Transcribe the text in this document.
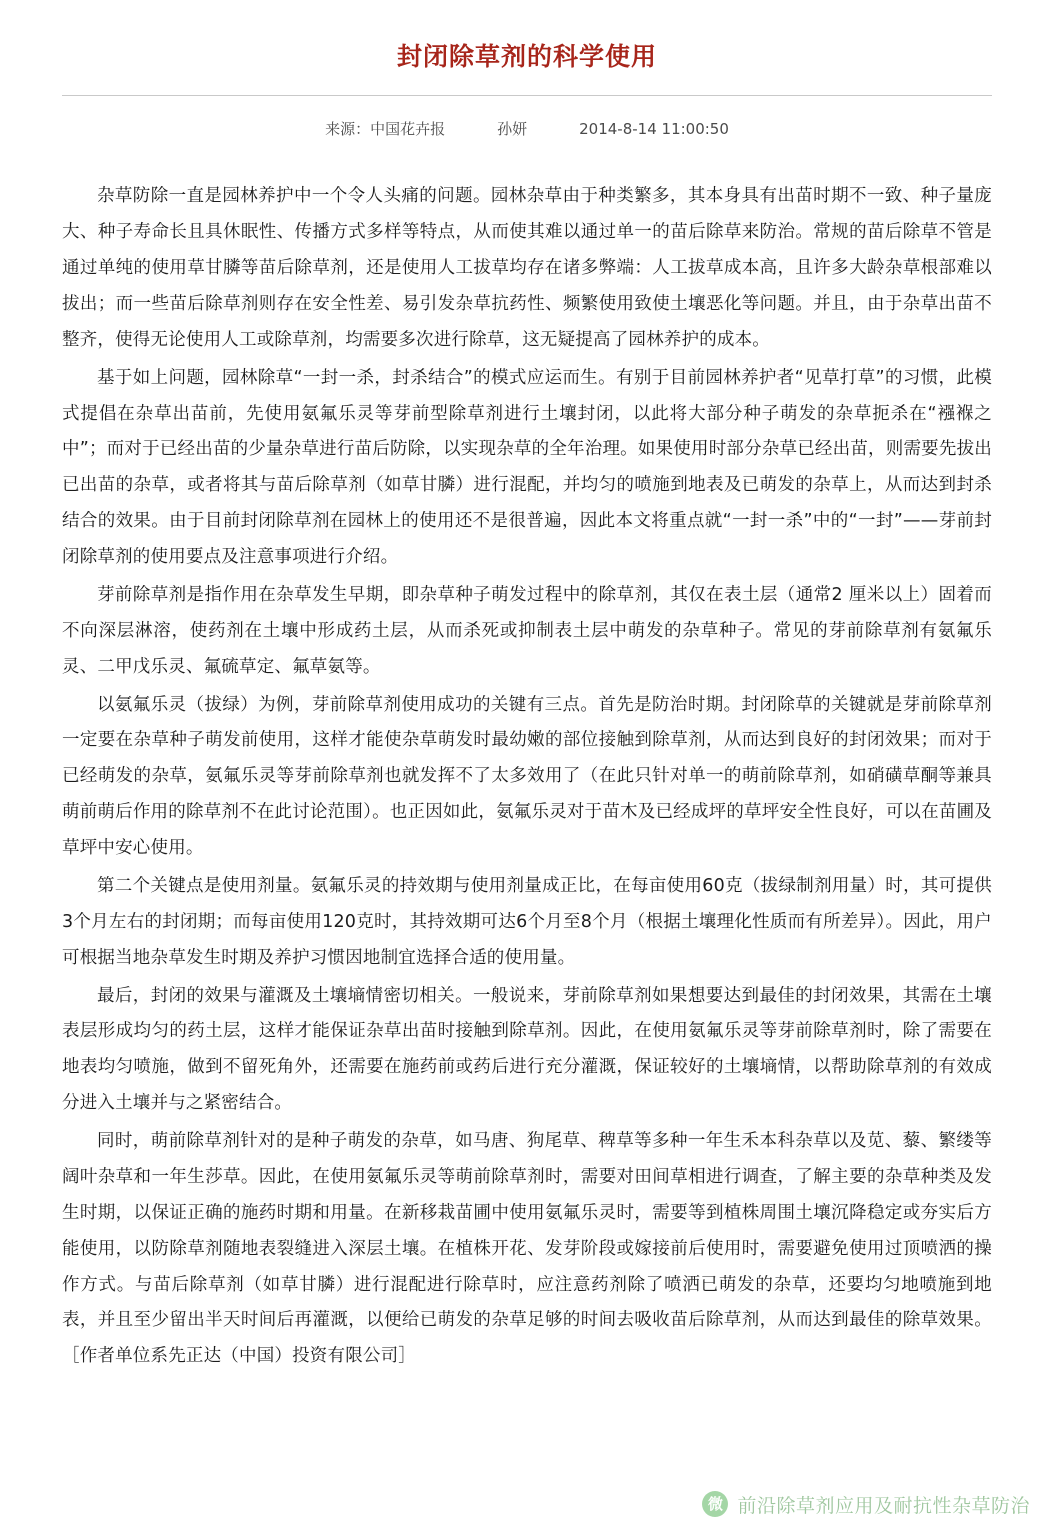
封闭除草剂的科学使用
来源：中国花卉报	孙妍	2014-8-14 11:00:50

杂草防除一直是园林养护中一个令人头痛的问题。园林杂草由于种类繁多，其本身具有出苗时期不一致、种子量庞大、种子寿命长且具休眠性、传播方式多样等特点，从而使其难以通过单一的苗后除草来防治。常规的苗后除草不管是通过单纯的使用草甘膦等苗后除草剂，还是使用人工拔草均存在诸多弊端：人工拔草成本高，且许多大龄杂草根部难以拔出；而一些苗后除草剂则存在安全性差、易引发杂草抗药性、频繁使用致使土壤恶化等问题。并且，由于杂草出苗不整齐，使得无论使用人工或除草剂，均需要多次进行除草，这无疑提高了园林养护的成本。

基于如上问题，园林除草“一封一杀，封杀结合”的模式应运而生。有别于目前园林养护者“见草打草”的习惯，此模式提倡在杂草出苗前，先使用氨氟乐灵等芽前型除草剂进行土壤封闭，以此将大部分种子萌发的杂草扼杀在“襁褓之中”；而对于已经出苗的少量杂草进行苗后防除，以实现杂草的全年治理。如果使用时部分杂草已经出苗，则需要先拔出已出苗的杂草，或者将其与苗后除草剂（如草甘膦）进行混配，并均匀的喷施到地表及已萌发的杂草上，从而达到封杀结合的效果。由于目前封闭除草剂在园林上的使用还不是很普遍，因此本文将重点就“一封一杀”中的“一封”——芽前封闭除草剂的使用要点及注意事项进行介绍。

芽前除草剂是指作用在杂草发生早期，即杂草种子萌发过程中的除草剂，其仅在表土层（通常2 厘米以上）固着而不向深层淋溶，使药剂在土壤中形成药土层，从而杀死或抑制表土层中萌发的杂草种子。常见的芽前除草剂有氨氟乐灵、二甲戊乐灵、氟硫草定、氟草氨等。

以氨氟乐灵（拔绿）为例，芽前除草剂使用成功的关键有三点。首先是防治时期。封闭除草的关键就是芽前除草剂一定要在杂草种子萌发前使用，这样才能使杂草萌发时最幼嫩的部位接触到除草剂，从而达到良好的封闭效果；而对于已经萌发的杂草，氨氟乐灵等芽前除草剂也就发挥不了太多效用了（在此只针对单一的萌前除草剂，如硝磺草酮等兼具萌前萌后作用的除草剂不在此讨论范围）。也正因如此，氨氟乐灵对于苗木及已经成坪的草坪安全性良好，可以在苗圃及草坪中安心使用。

第二个关键点是使用剂量。氨氟乐灵的持效期与使用剂量成正比，在每亩使用60克（拔绿制剂用量）时，其可提供3个月左右的封闭期；而每亩使用120克时，其持效期可达6个月至8个月（根据土壤理化性质而有所差异）。因此，用户可根据当地杂草发生时期及养护习惯因地制宜选择合适的使用量。

最后，封闭的效果与灌溉及土壤墒情密切相关。一般说来，芽前除草剂如果想要达到最佳的封闭效果，其需在土壤表层形成均匀的药土层，这样才能保证杂草出苗时接触到除草剂。因此，在使用氨氟乐灵等芽前除草剂时，除了需要在地表均匀喷施，做到不留死角外，还需要在施药前或药后进行充分灌溉，保证较好的土壤墒情，以帮助除草剂的有效成分进入土壤并与之紧密结合。

同时，萌前除草剂针对的是种子萌发的杂草，如马唐、狗尾草、稗草等多种一年生禾本科杂草以及苋、藜、繁缕等阔叶杂草和一年生莎草。因此，在使用氨氟乐灵等萌前除草剂时，需要对田间草相进行调查，了解主要的杂草种类及发生时期，以保证正确的施药时期和用量。在新移栽苗圃中使用氨氟乐灵时，需要等到植株周围土壤沉降稳定或夯实后方能使用，以防除草剂随地表裂缝进入深层土壤。在植株开花、发芽阶段或嫁接前后使用时，需要避免使用过顶喷洒的操作方式。与苗后除草剂（如草甘膦）进行混配进行除草时，应注意药剂除了喷洒已萌发的杂草，还要均匀地喷施到地表，并且至少留出半天时间后再灌溉，以便给已萌发的杂草足够的时间去吸收苗后除草剂，从而达到最佳的除草效果。［作者单位系先正达（中国）投资有限公司］

微 前沿除草剂应用及耐抗性杂草防治
